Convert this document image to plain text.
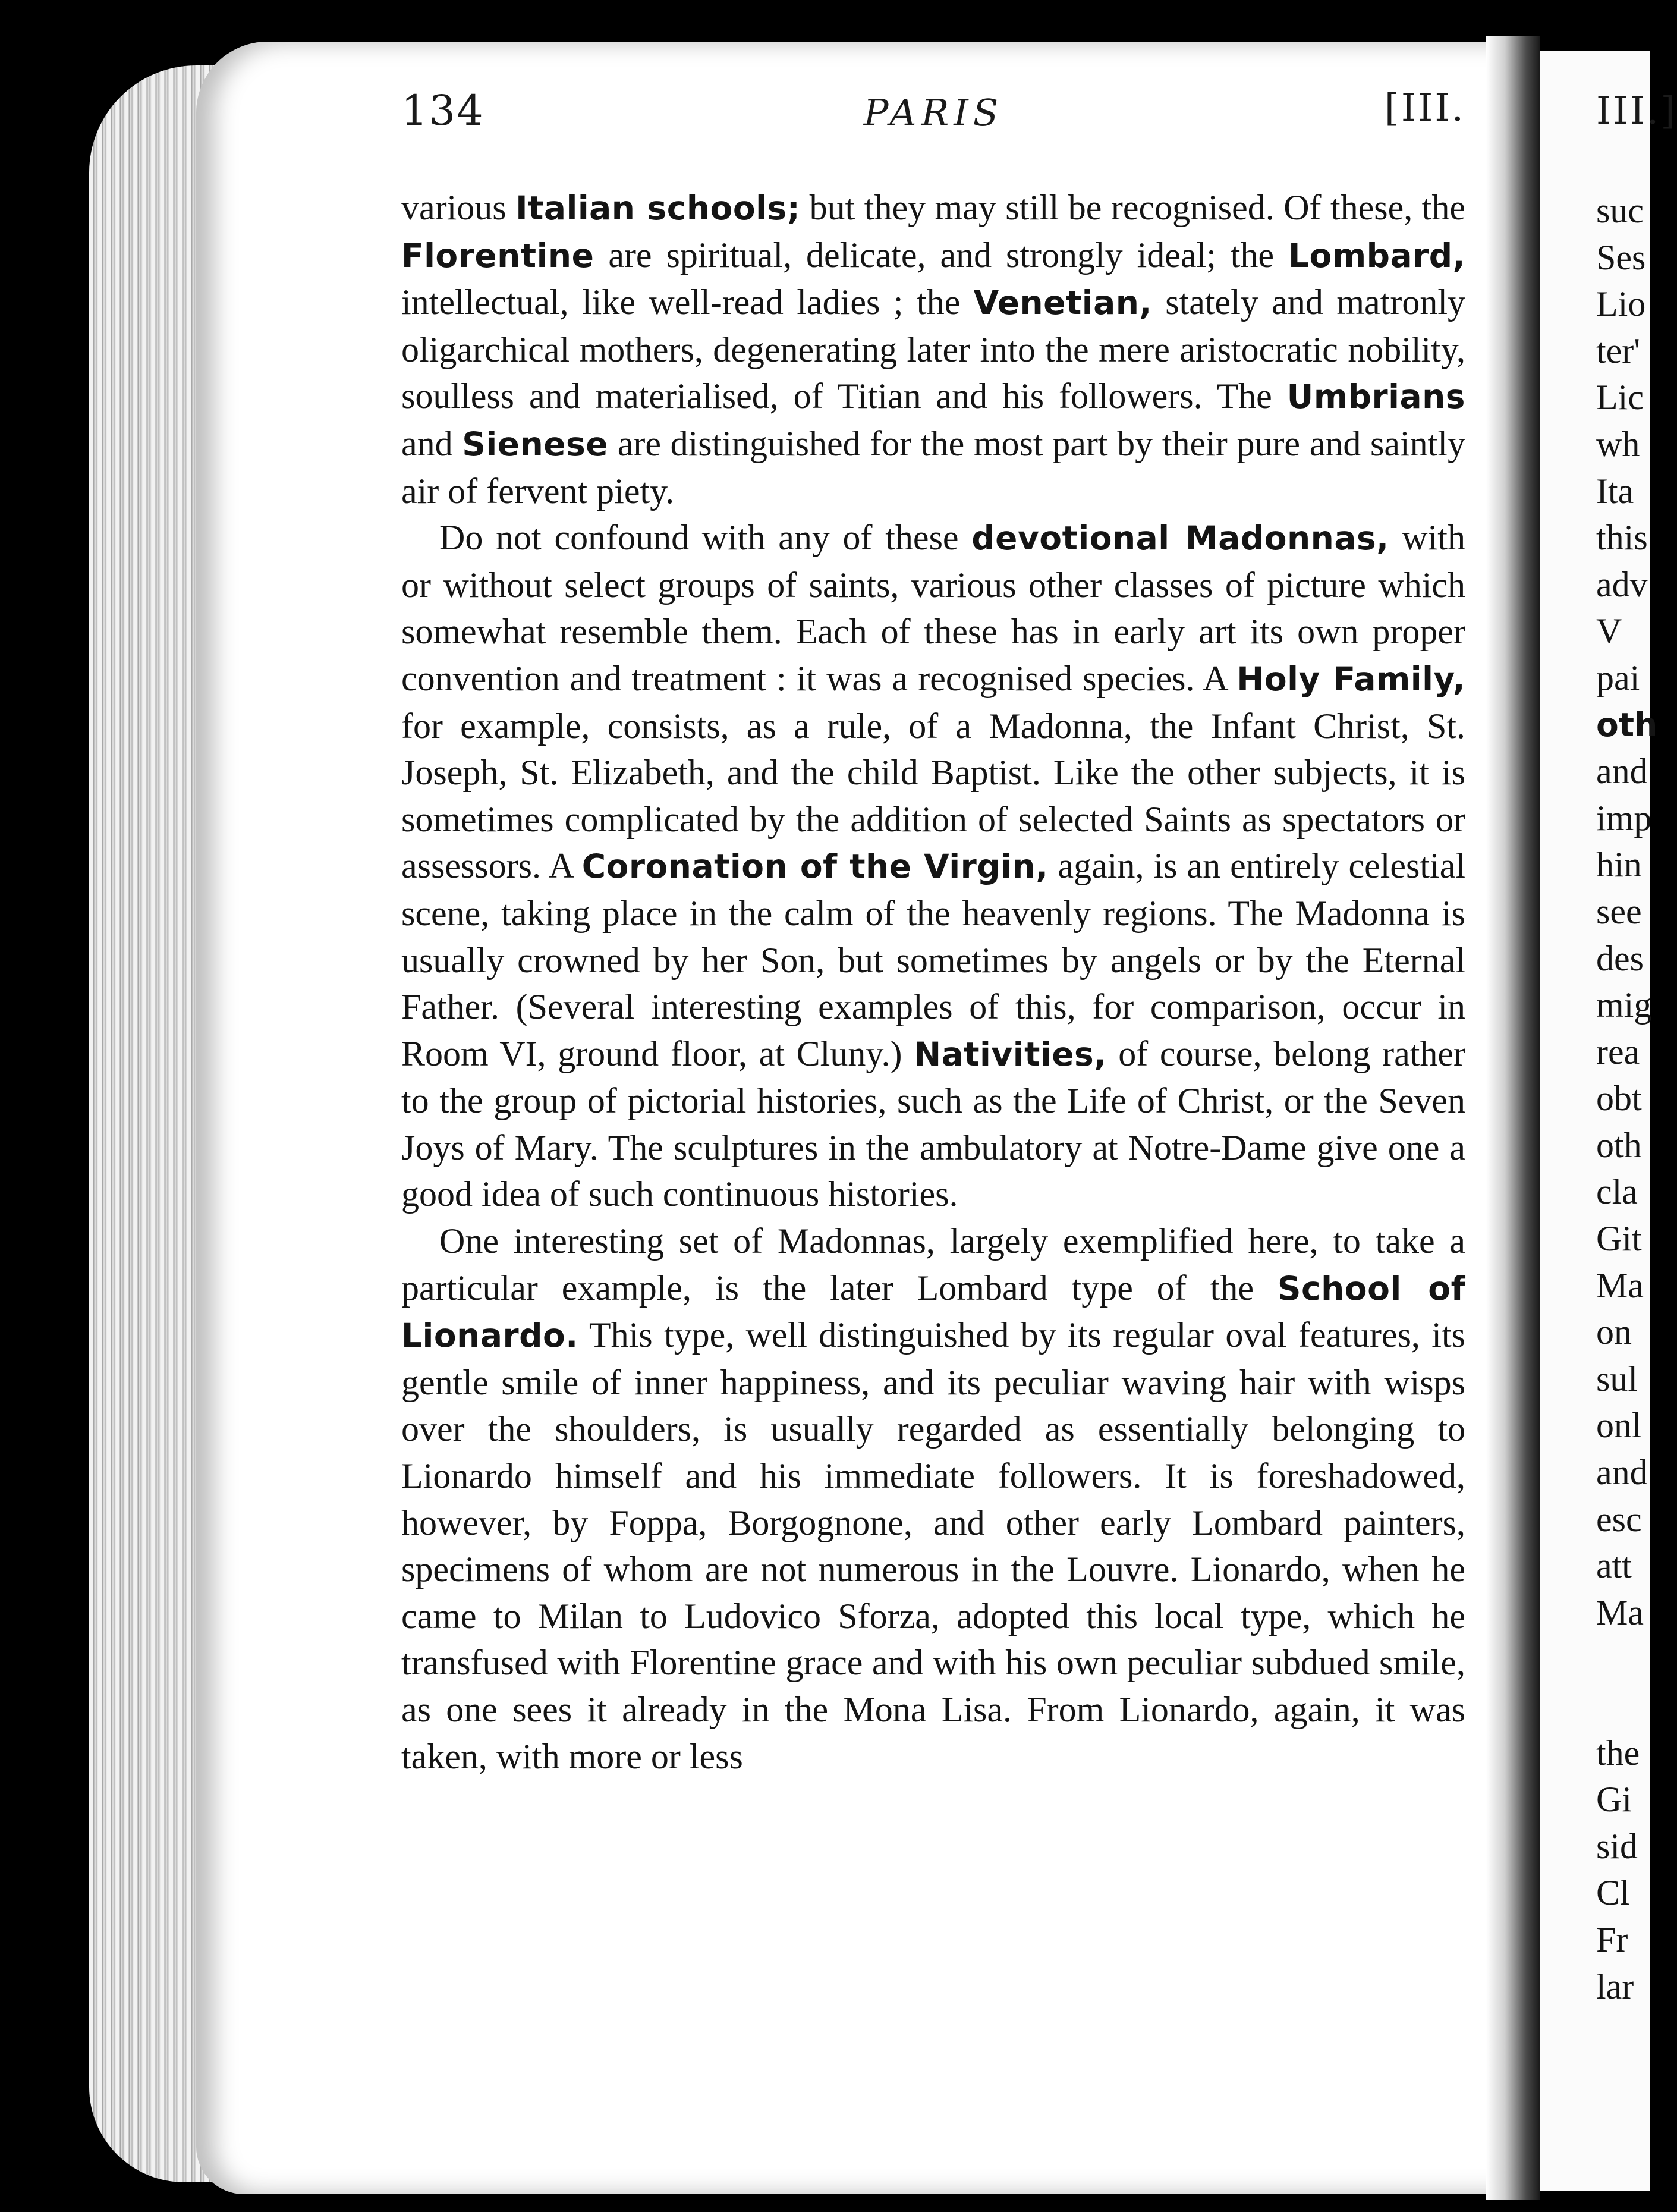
134	PARIS	[III.

various Italian schools; but they may still be recognised. Of these, the Florentine are spiritual, delicate, and strongly ideal; the Lombard, intellectual, like well-read ladies ; the Venetian, stately and matronly oligarchical mothers, degenerating later into the mere aristocratic nobility, soulless and materialised, of Titian and his followers. The Umbrians and Sienese are distinguished for the most part by their pure and saintly air of fervent piety.

Do not confound with any of these devotional Madonnas, with or without select groups of saints, various other classes of picture which somewhat resemble them. Each of these has in early art its own proper convention and treatment : it was a recognised species. A Holy Family, for example, consists, as a rule, of a Madonna, the Infant Christ, St. Joseph, St. Elizabeth, and the child Baptist. Like the other subjects, it is sometimes complicated by the addition of selected Saints as spectators or assessors. A Coronation of the Virgin, again, is an entirely celestial scene, taking place in the calm of the heavenly regions. The Madonna is usually crowned by her Son, but sometimes by angels or by the Eternal Father. (Several interesting examples of this, for comparison, occur in Room VI, ground floor, at Cluny.) Nativities, of course, belong rather to the group of pictorial histories, such as the Life of Christ, or the Seven Joys of Mary. The sculptures in the ambulatory at Notre-Dame give one a good idea of such continuous histories.

One interesting set of Madonnas, largely exemplified here, to take a particular example, is the later Lombard type of the School of Lionardo. This type, well distinguished by its regular oval features, its gentle smile of inner happiness, and its peculiar waving hair with wisps over the shoulders, is usually regarded as essentially belonging to Lionardo himself and his immediate followers. It is foreshadowed, however, by Foppa, Borgognone, and other early Lombard painters, specimens of whom are not numerous in the Louvre. Lionardo, when he came to Milan to Ludovico Sforza, adopted this local type, which he transfused with Florentine grace and with his own peculiar subdued smile, as one sees it already in the Mona Lisa. From Lionardo, again, it was taken, with more or less

III.]
suc
Ses
Lio
ter'
Lic
wh
Ita
this
adv
V
pai
oth
and
imp
hin
see
des
mig
rea
obt
oth
cla
Git
Ma
on
sul
onl
and
esc
att
Ma
the
Gi
sid
Cl
Fr
lar
